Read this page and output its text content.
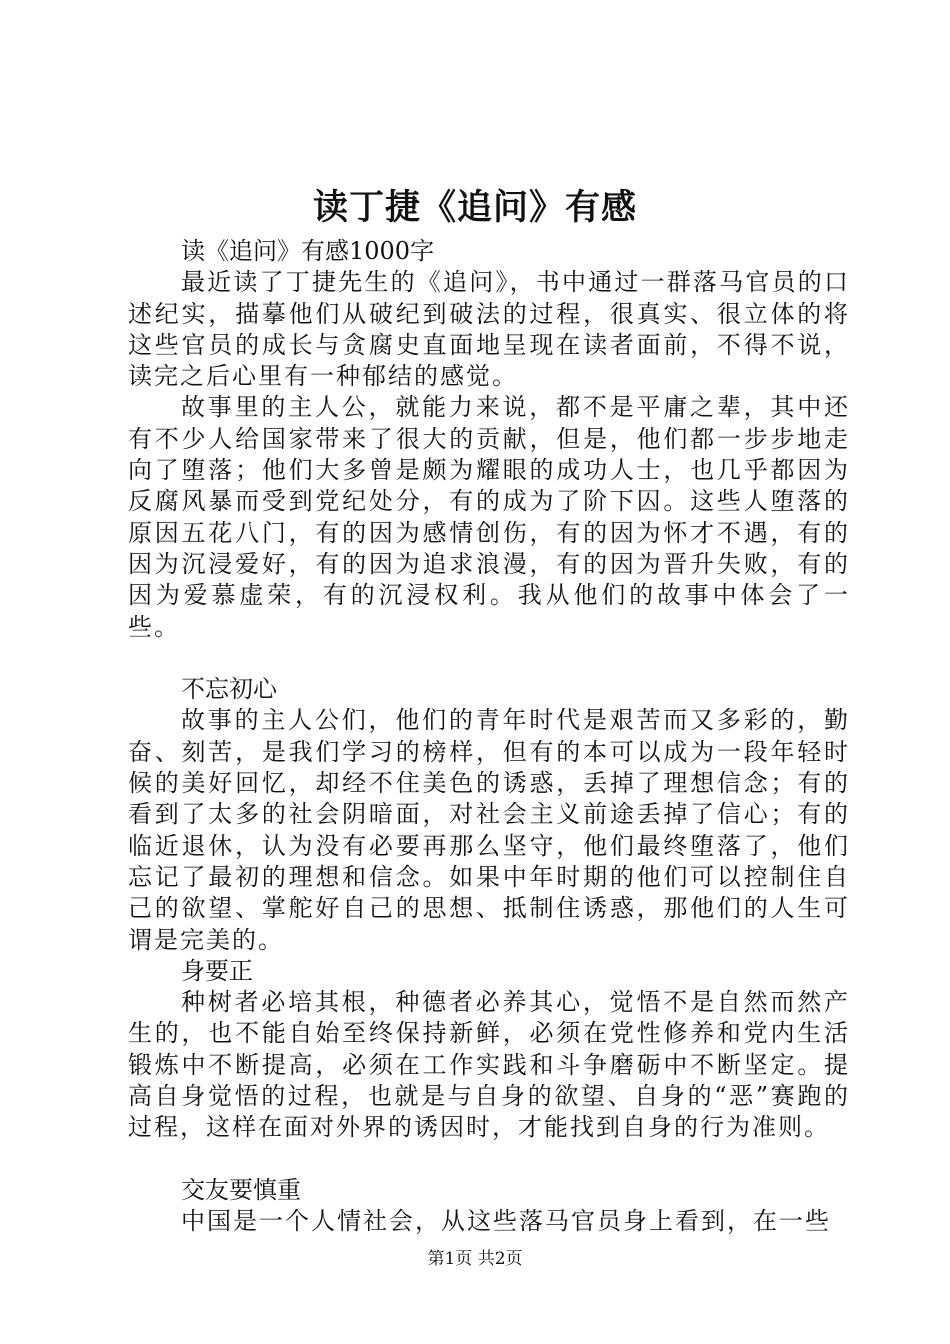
读丁捷《追问》有感

读《追问》有感1000字

最近读了丁捷先生的《追问》，书中通过一群落马官员的口述纪实，描摹他们从破纪到破法的过程，很真实、很立体的将这些官员的成长与贪腐史直面地呈现在读者面前，不得不说，读完之后心里有一种郁结的感觉。

故事里的主人公，就能力来说，都不是平庸之辈，其中还有不少人给国家带来了很大的贡献，但是，他们都一步步地走向了堕落；他们大多曾是颇为耀眼的成功人士，也几乎都因为反腐风暴而受到党纪处分，有的成为了阶下囚。这些人堕落的原因五花八门，有的因为感情创伤，有的因为怀才不遇，有的因为沉浸爱好，有的因为追求浪漫，有的因为晋升失败，有的因为爱慕虚荣，有的沉浸权利。我从他们的故事中体会了一些。

不忘初心

故事的主人公们，他们的青年时代是艰苦而又多彩的，勤奋、刻苦，是我们学习的榜样，但有的本可以成为一段年轻时候的美好回忆，却经不住美色的诱惑，丢掉了理想信念；有的看到了太多的社会阴暗面，对社会主义前途丢掉了信心；有的临近退休，认为没有必要再那么坚守，他们最终堕落了，他们忘记了最初的理想和信念。如果中年时期的他们可以控制住自己的欲望、掌舵好自己的思想、抵制住诱惑，那他们的人生可谓是完美的。

身要正

种树者必培其根，种德者必养其心，觉悟不是自然而然产生的，也不能自始至终保持新鲜，必须在党性修养和党内生活锻炼中不断提高，必须在工作实践和斗争磨砺中不断坚定。提高自身觉悟的过程，也就是与自身的欲望、自身的“恶”赛跑的过程，这样在面对外界的诱因时，才能找到自身的行为准则。

交友要慎重

中国是一个人情社会，从这些落马官员身上看到，在一些

第1页 共2页
